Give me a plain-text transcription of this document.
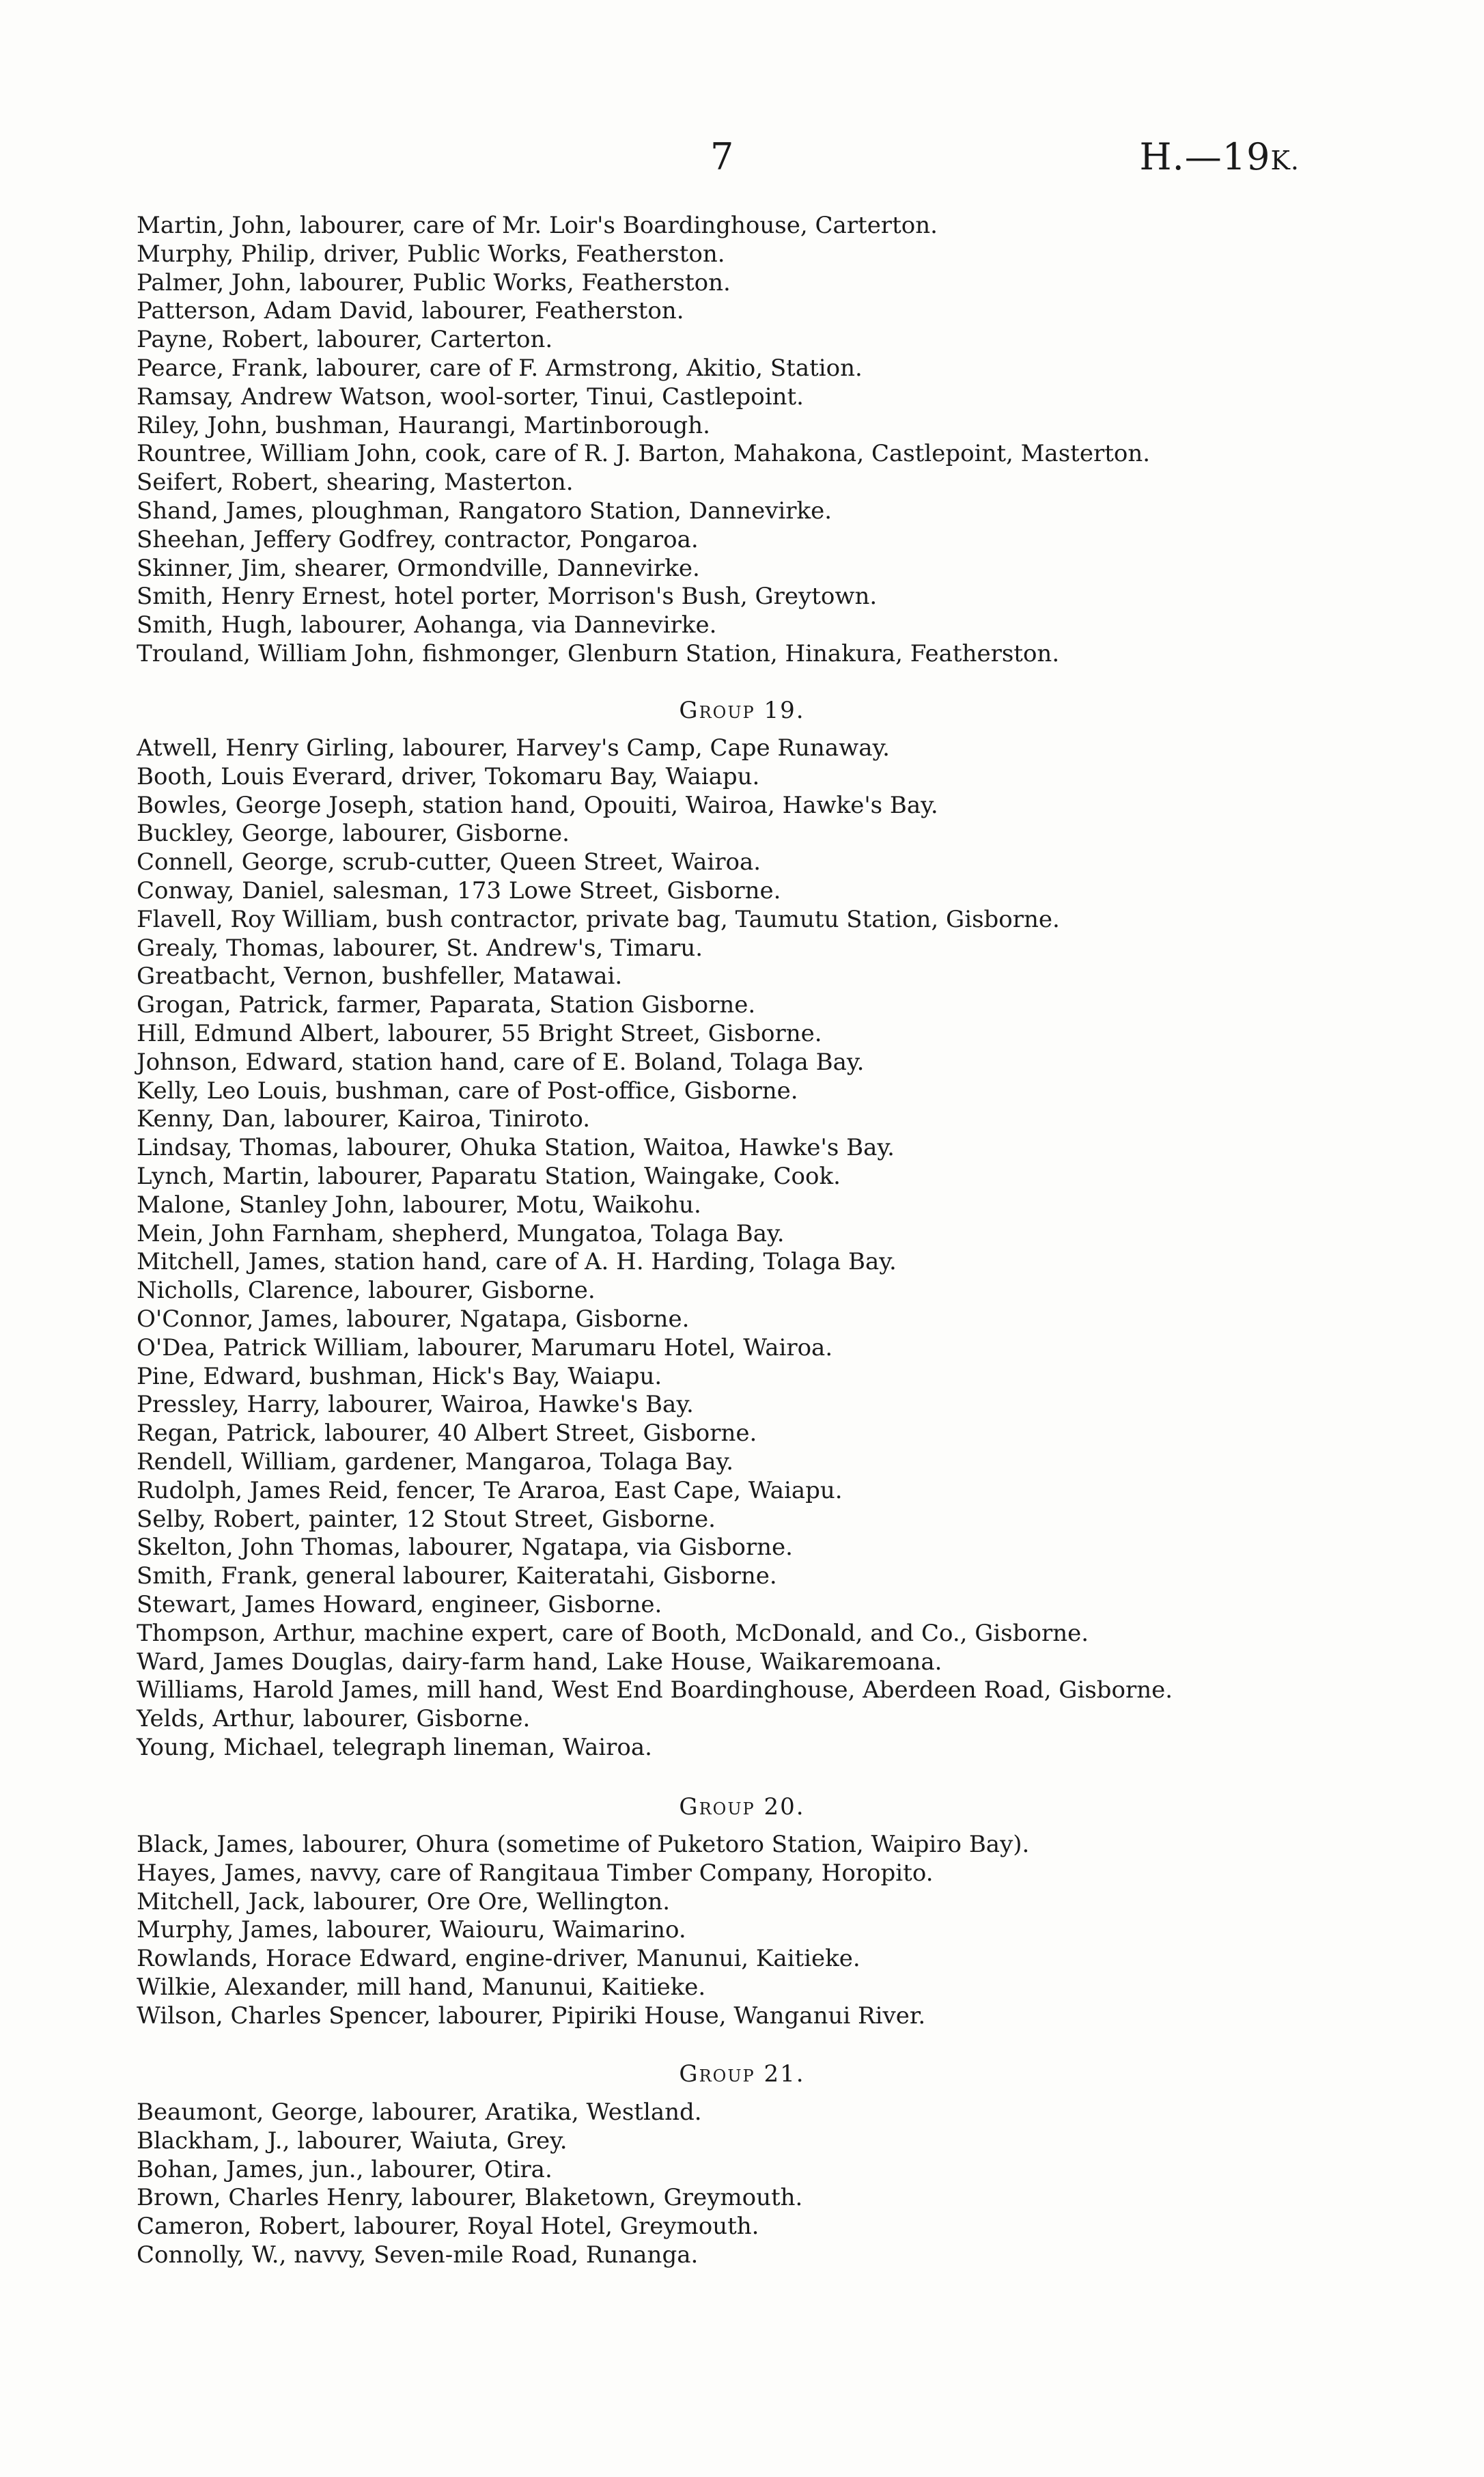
7	H.—19K.
Martin, John, labourer, care of Mr. Loir's Boardinghouse, Carterton.
Murphy, Philip, driver, Public Works, Featherston.
Palmer, John, labourer, Public Works, Featherston.
Patterson, Adam David, labourer, Featherston.
Payne, Robert, labourer, Carterton.
Pearce, Frank, labourer, care of F. Armstrong, Akitio, Station.
Ramsay, Andrew Watson, wool-sorter, Tinui, Castlepoint.
Riley, John, bushman, Haurangi, Martinborough.
Rountree, William John, cook, care of R. J. Barton, Mahakona, Castlepoint, Masterton.
Seifert, Robert, shearing, Masterton.
Shand, James, ploughman, Rangatoro Station, Dannevirke.
Sheehan, Jeffery Godfrey, contractor, Pongaroa.
Skinner, Jim, shearer, Ormondville, Dannevirke.
Smith, Henry Ernest, hotel porter, Morrison's Bush, Greytown.
Smith, Hugh, labourer, Aohanga, via Dannevirke.
Trouland, William John, fishmonger, Glenburn Station, Hinakura, Featherston.
Group 19.
Atwell, Henry Girling, labourer, Harvey's Camp, Cape Runaway.
Booth, Louis Everard, driver, Tokomaru Bay, Waiapu.
Bowles, George Joseph, station hand, Opouiti, Wairoa, Hawke's Bay.
Buckley, George, labourer, Gisborne.
Connell, George, scrub-cutter, Queen Street, Wairoa.
Conway, Daniel, salesman, 173 Lowe Street, Gisborne.
Flavell, Roy William, bush contractor, private bag, Taumutu Station, Gisborne.
Grealy, Thomas, labourer, St. Andrew's, Timaru.
Greatbacht, Vernon, bushfeller, Matawai.
Grogan, Patrick, farmer, Paparata, Station Gisborne.
Hill, Edmund Albert, labourer, 55 Bright Street, Gisborne.
Johnson, Edward, station hand, care of E. Boland, Tolaga Bay.
Kelly, Leo Louis, bushman, care of Post-office, Gisborne.
Kenny, Dan, labourer, Kairoa, Tiniroto.
Lindsay, Thomas, labourer, Ohuka Station, Waitoa, Hawke's Bay.
Lynch, Martin, labourer, Paparatu Station, Waingake, Cook.
Malone, Stanley John, labourer, Motu, Waikohu.
Mein, John Farnham, shepherd, Mungatoa, Tolaga Bay.
Mitchell, James, station hand, care of A. H. Harding, Tolaga Bay.
Nicholls, Clarence, labourer, Gisborne.
O'Connor, James, labourer, Ngatapa, Gisborne.
O'Dea, Patrick William, labourer, Marumaru Hotel, Wairoa.
Pine, Edward, bushman, Hick's Bay, Waiapu.
Pressley, Harry, labourer, Wairoa, Hawke's Bay.
Regan, Patrick, labourer, 40 Albert Street, Gisborne.
Rendell, William, gardener, Mangaroa, Tolaga Bay.
Rudolph, James Reid, fencer, Te Araroa, East Cape, Waiapu.
Selby, Robert, painter, 12 Stout Street, Gisborne.
Skelton, John Thomas, labourer, Ngatapa, via Gisborne.
Smith, Frank, general labourer, Kaiteratahi, Gisborne.
Stewart, James Howard, engineer, Gisborne.
Thompson, Arthur, machine expert, care of Booth, McDonald, and Co., Gisborne.
Ward, James Douglas, dairy-farm hand, Lake House, Waikaremoana.
Williams, Harold James, mill hand, West End Boardinghouse, Aberdeen Road, Gisborne.
Yelds, Arthur, labourer, Gisborne.
Young, Michael, telegraph lineman, Wairoa.
Group 20.
Black, James, labourer, Ohura (sometime of Puketoro Station, Waipiro Bay).
Hayes, James, navvy, care of Rangitaua Timber Company, Horopito.
Mitchell, Jack, labourer, Ore Ore, Wellington.
Murphy, James, labourer, Waiouru, Waimarino.
Rowlands, Horace Edward, engine-driver, Manunui, Kaitieke.
Wilkie, Alexander, mill hand, Manunui, Kaitieke.
Wilson, Charles Spencer, labourer, Pipiriki House, Wanganui River.
Group 21.
Beaumont, George, labourer, Aratika, Westland.
Blackham, J., labourer, Waiuta, Grey.
Bohan, James, jun., labourer, Otira.
Brown, Charles Henry, labourer, Blaketown, Greymouth.
Cameron, Robert, labourer, Royal Hotel, Greymouth.
Connolly, W., navvy, Seven-mile Road, Runanga.
